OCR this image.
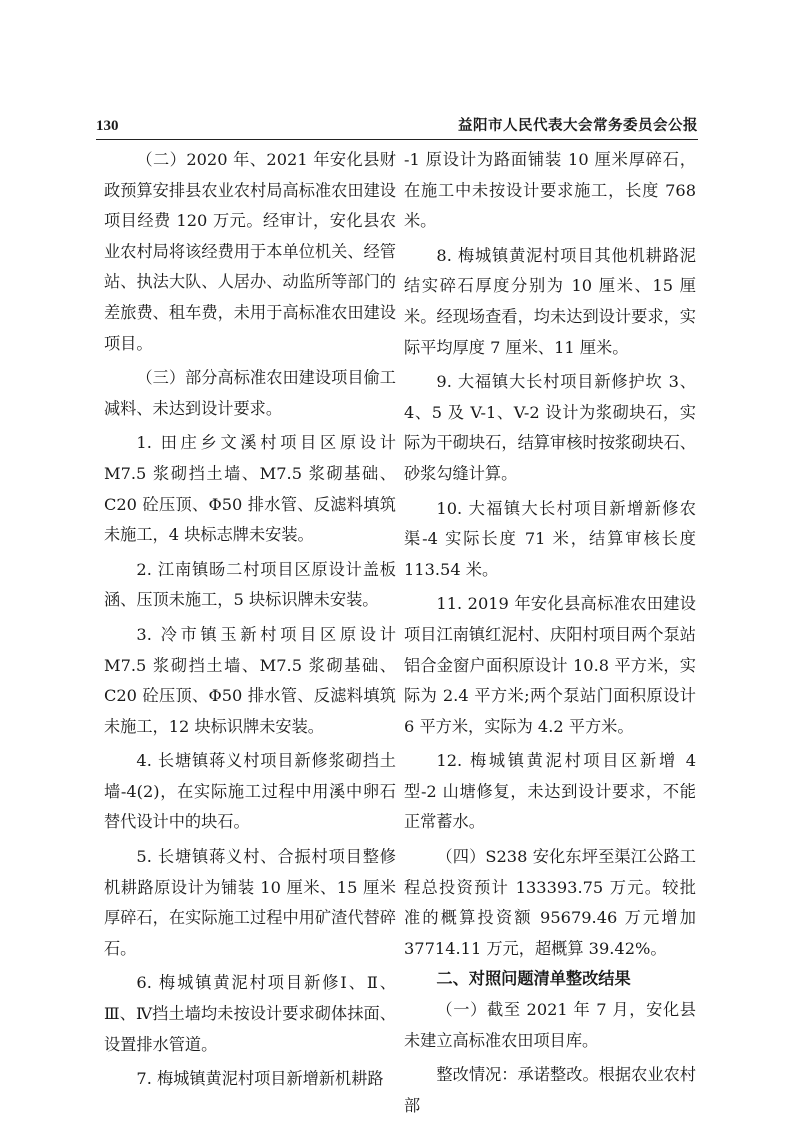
130	益阳市人民代表大会常务委员会公报

（二）2020 年、2021 年安化县财政预算安排县农业农村局高标准农田建设项目经费 120 万元。经审计，安化县农业农村局将该经费用于本单位机关、经管站、执法大队、人居办、动监所等部门的差旅费、租车费，未用于高标准农田建设项目。

（三）部分高标准农田建设项目偷工减料、未达到设计要求。

1. 田庄乡文溪村项目区原设计 M7.5 浆砌挡土墙、M7.5 浆砌基础、C20 砼压顶、Φ50 排水管、反滤料填筑未施工，4 块标志牌未安装。

2. 江南镇旸二村项目区原设计盖板涵、压顶未施工，5 块标识牌未安装。

3. 冷市镇玉新村项目区原设计 M7.5 浆砌挡土墙、M7.5 浆砌基础、C20 砼压顶、Φ50 排水管、反滤料填筑未施工，12 块标识牌未安装。

4. 长塘镇蒋义村项目新修浆砌挡土墙-4(2)，在实际施工过程中用溪中卵石替代设计中的块石。

5. 长塘镇蒋义村、合振村项目整修机耕路原设计为铺装 10 厘米、15 厘米厚碎石，在实际施工过程中用矿渣代替碎石。

6. 梅城镇黄泥村项目新修Ⅰ、Ⅱ、Ⅲ、Ⅳ挡土墙均未按设计要求砌体抹面、设置排水管道。

7. 梅城镇黄泥村项目新增新机耕路

-1 原设计为路面铺装 10 厘米厚碎石，在施工中未按设计要求施工，长度 768 米。

8. 梅城镇黄泥村项目其他机耕路泥结实碎石厚度分别为 10 厘米、15 厘米。经现场查看，均未达到设计要求，实际平均厚度 7 厘米、11 厘米。

9. 大福镇大长村项目新修护坎 3、4、5 及 V-1、V-2 设计为浆砌块石，实际为干砌块石，结算审核时按浆砌块石、砂浆勾缝计算。

10. 大福镇大长村项目新增新修农渠-4 实际长度 71 米，结算审核长度 113.54 米。

11. 2019 年安化县高标准农田建设项目江南镇红泥村、庆阳村项目两个泵站铝合金窗户面积原设计 10.8 平方米，实际为 2.4 平方米;两个泵站门面积原设计 6 平方米，实际为 4.2 平方米。

12. 梅城镇黄泥村项目区新增 4 型-2 山塘修复，未达到设计要求，不能正常蓄水。

（四）S238 安化东坪至渠江公路工程总投资预计 133393.75 万元。较批准的概算投资额 95679.46 万元增加 37714.11 万元，超概算 39.42%。

二、对照问题清单整改结果

（一）截至 2021 年 7 月，安化县未建立高标准农田项目库。

整改情况：承诺整改。根据农业农村部
